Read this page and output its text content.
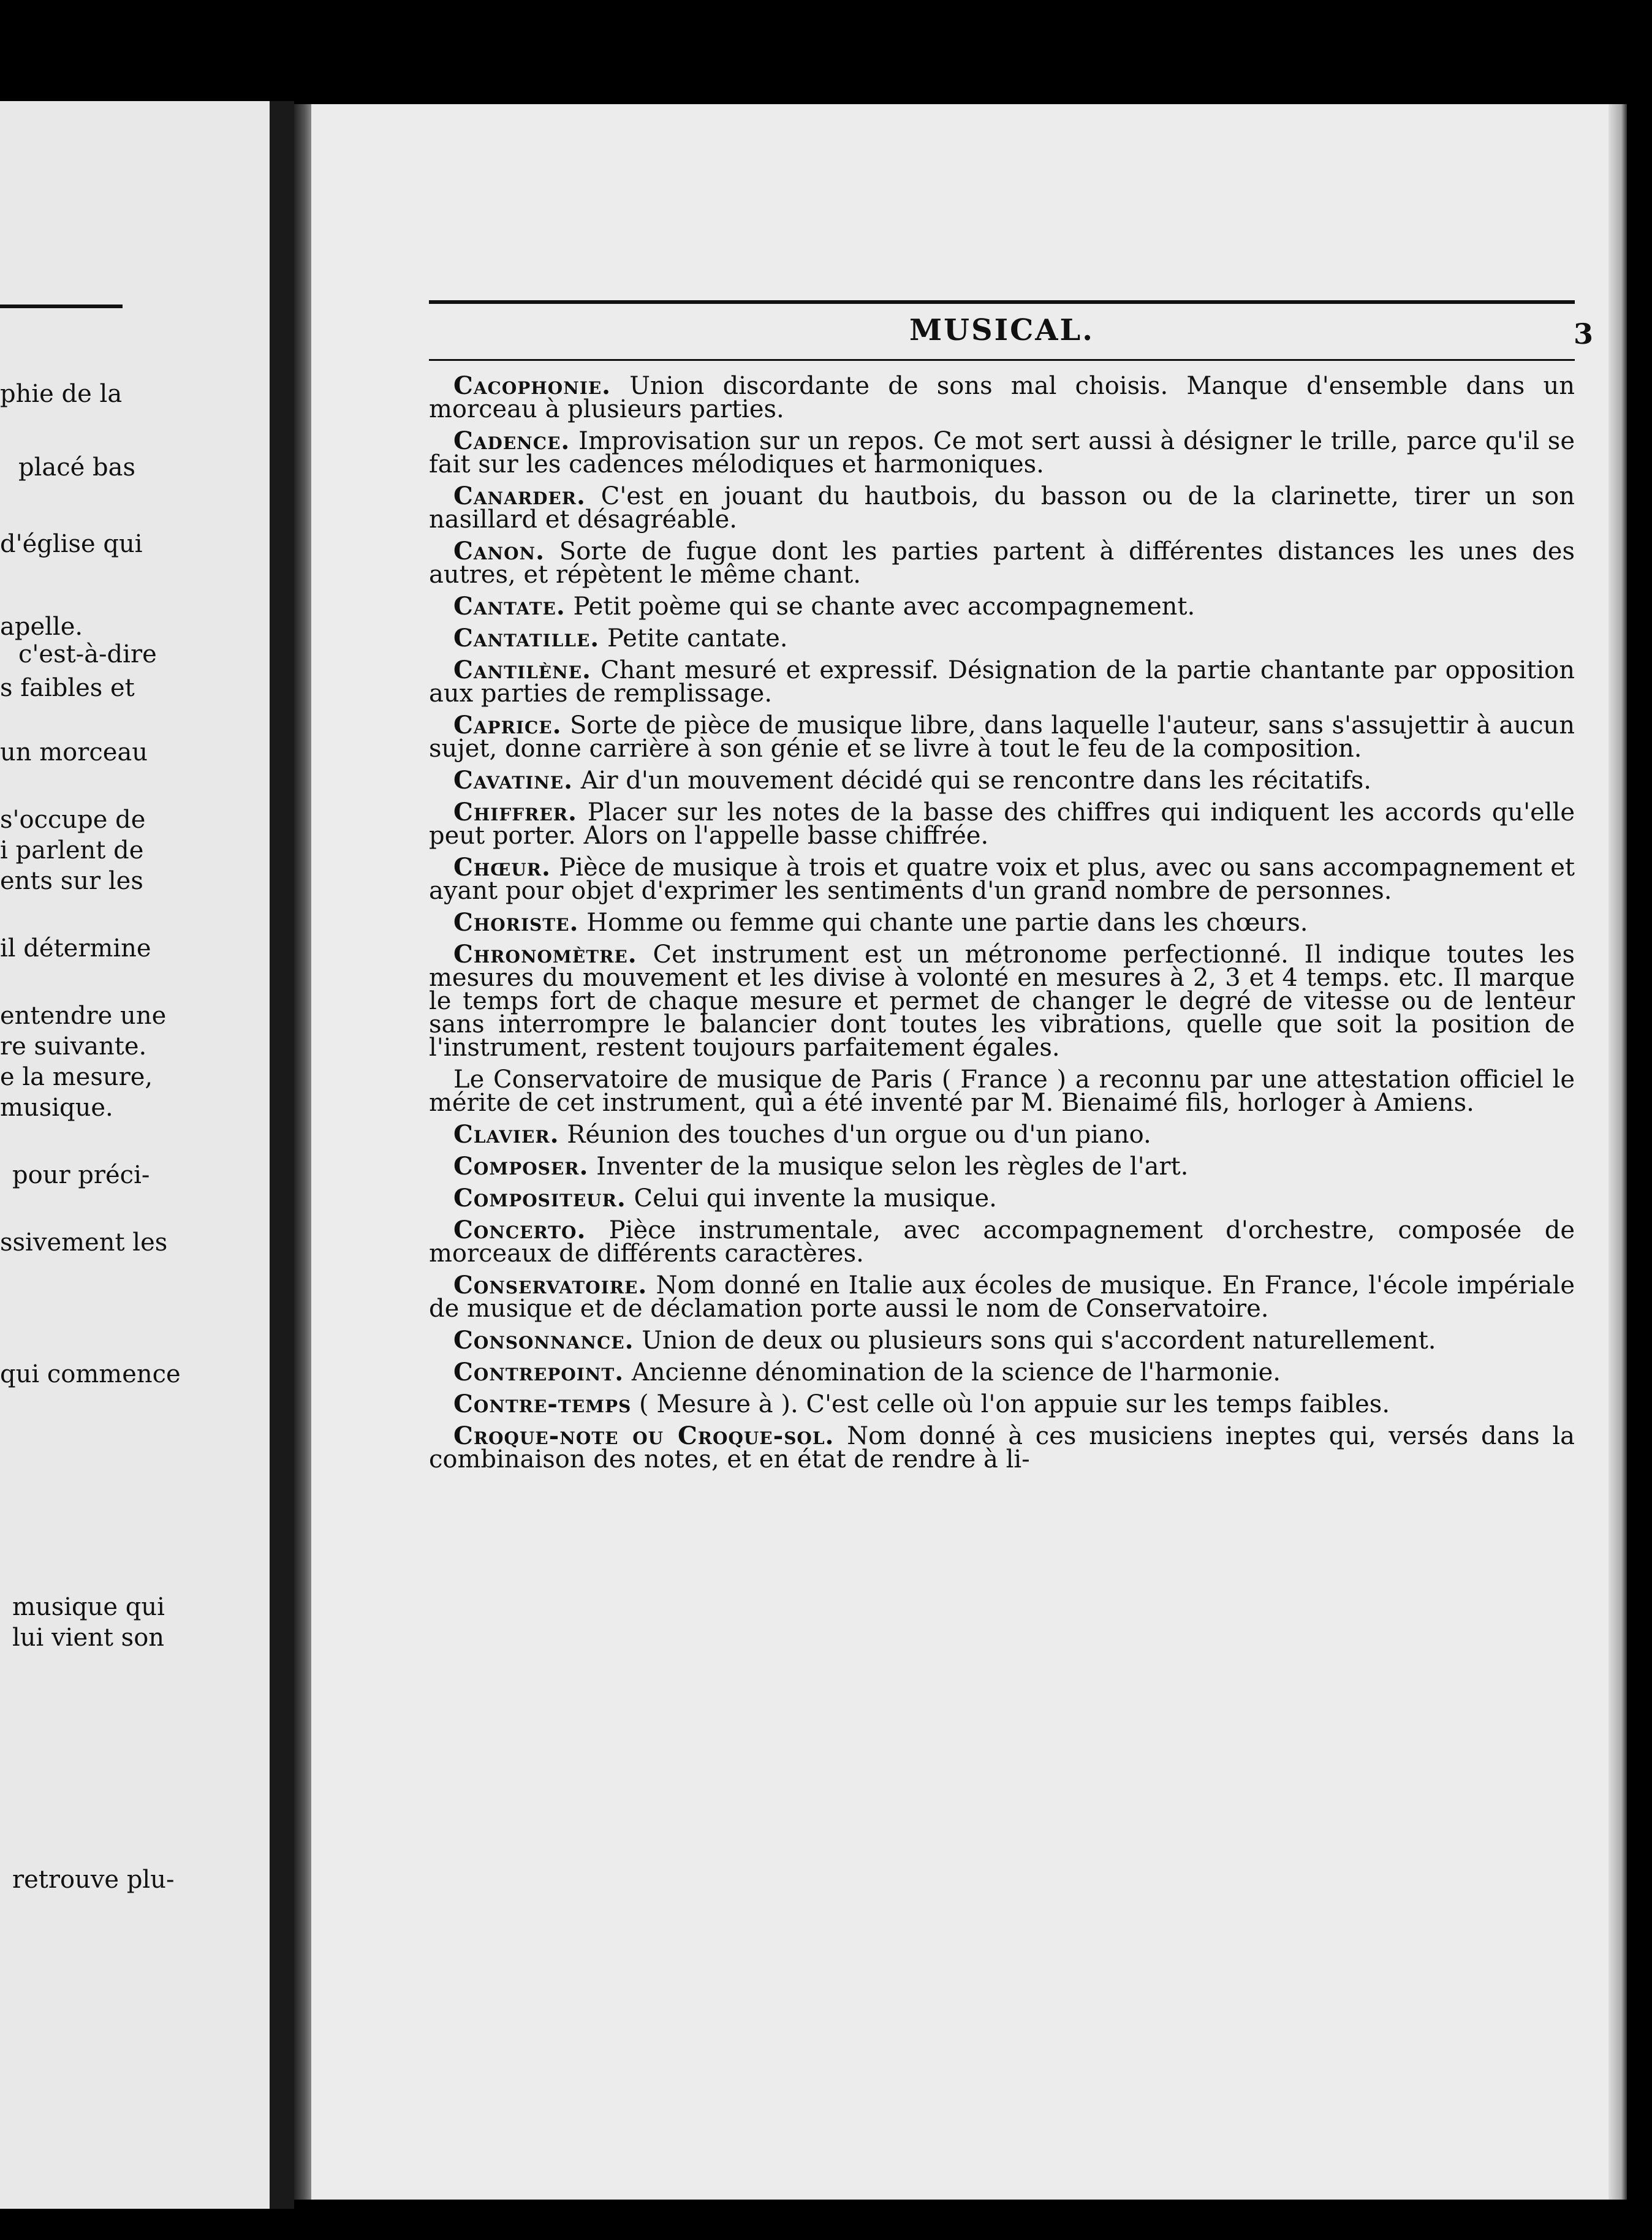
phie de la
placé bas
d'église qui
apelle.
c'est-à-dire
s faibles et
un morceau
s'occupe de
i parlent de
ents sur les
il détermine
entendre une
re suivante.
e la mesure,
musique.
pour préci-
ssivement les
qui commence
musique qui
lui vient son
retrouve plu-
MUSICAL.	3

Cacophonie. Union discordante de sons mal choisis. Manque d'ensemble dans un morceau à plusieurs parties.

Cadence. Improvisation sur un repos. Ce mot sert aussi à désigner le trille, parce qu'il se fait sur les cadences mélodiques et harmoniques.

Canarder. C'est en jouant du hautbois, du basson ou de la clarinette, tirer un son nasillard et désagréable.

Canon. Sorte de fugue dont les parties partent à différentes distances les unes des autres, et répètent le même chant.

Cantate. Petit poème qui se chante avec accompagnement.

Cantatille. Petite cantate.

Cantilène. Chant mesuré et expressif. Désignation de la partie chantante par opposition aux parties de remplissage.

Caprice. Sorte de pièce de musique libre, dans laquelle l'auteur, sans s'assujettir à aucun sujet, donne carrière à son génie et se livre à tout le feu de la composition.

Cavatine. Air d'un mouvement décidé qui se rencontre dans les récitatifs.

Chiffrer. Placer sur les notes de la basse des chiffres qui indiquent les accords qu'elle peut porter. Alors on l'appelle basse chiffrée.

Chœur. Pièce de musique à trois et quatre voix et plus, avec ou sans accompagnement et ayant pour objet d'exprimer les sentiments d'un grand nombre de personnes.

Choriste. Homme ou femme qui chante une partie dans les chœurs.

Chronomètre. Cet instrument est un métronome perfectionné. Il indique toutes les mesures du mouvement et les divise à volonté en mesures à 2, 3 et 4 temps. etc. Il marque le temps fort de chaque mesure et permet de changer le degré de vitesse ou de lenteur sans interrompre le balancier dont toutes les vibrations, quelle que soit la position de l'instrument, restent toujours parfaitement égales.

Le Conservatoire de musique de Paris ( France ) a reconnu par une attestation officiel le mérite de cet instrument, qui a été inventé par M. Bienaimé fils, horloger à Amiens.

Clavier. Réunion des touches d'un orgue ou d'un piano.

Composer. Inventer de la musique selon les règles de l'art.

Compositeur. Celui qui invente la musique.

Concerto. Pièce instrumentale, avec accompagnement d'orchestre, composée de morceaux de différents caractères.

Conservatoire. Nom donné en Italie aux écoles de musique. En France, l'école impériale de musique et de déclamation porte aussi le nom de Conservatoire.

Consonnance. Union de deux ou plusieurs sons qui s'accordent naturellement.

Contrepoint. Ancienne dénomination de la science de l'harmonie.

Contre-temps ( Mesure à ). C'est celle où l'on appuie sur les temps faibles.

Croque-note ou Croque-sol. Nom donné à ces musiciens ineptes qui, versés dans la combinaison des notes, et en état de rendre à li-
